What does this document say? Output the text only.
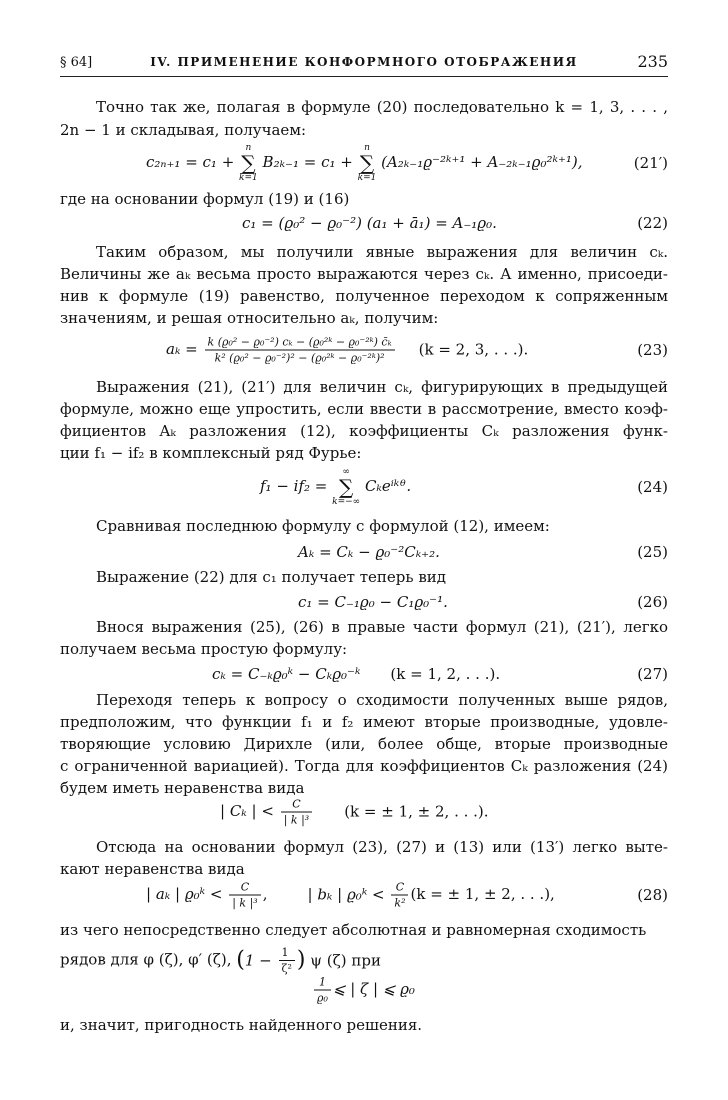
§ 64]	IV. ПРИМЕНЕНИЕ КОНФОРМНОГО ОТОБРАЖЕНИЯ	235
Точно так же, полагая в формуле (20) последовательно k = 1, 3, . . . ,
2n − 1 и складывая, получаем:
c₂ₙ₊₁ = c₁ +
n
∑
k=1
B₂ₖ₋₁ = c₁ +
n
∑
k=1
(A₂ₖ₋₁ϱ⁻²ᵏ⁺¹ + A₋₂ₖ₋₁ϱ₀²ᵏ⁺¹),	(21′)
где на основании формул (19) и (16)
c₁ = (ϱ₀² − ϱ₀⁻²) (a₁ + ā₁) = A₋₁ϱ₀.	(22)
Таким образом, мы получили явные выражения для величин cₖ.
Величины же aₖ весьма просто выражаются через cₖ. А именно, присоеди-
нив к формуле (19) равенство, полученное переходом к сопряженным
значениям, и решая относительно aₖ, получим:
$a_k = \frac{\text{k (ϱ₀² − ϱ₀⁻²) cₖ − (ϱ₀²ᵏ − ϱ₀⁻²ᵏ) c̄ₖ}}{\text{k² (ϱ₀² − ϱ₀⁻²)² − (ϱ₀²ᵏ − ϱ₀⁻²ᵏ)²}} (k = 2$, 3, . . .).	(23)
Выражения (21), (21′) для величин cₖ, фигурирующих в предыдущей
формуле, можно еще упростить, если ввести в рассмотрение, вместо коэф-
фициентов Aₖ разложения (12), коэффициенты Cₖ разложения функ-
ции f₁ − if₂ в комплексный ряд Фурье:
f₁ − if₂ =
∞
∑
k=−∞
Cₖeⁱᵏᶿ.	(24)
Сравнивая последнюю формулу с формулой (12), имеем:
Aₖ = Cₖ − ϱ₀⁻²Cₖ₊₂.	(25)
Выражение (22) для c₁ получает теперь вид
c₁ = C₋₁ϱ₀ − C₁ϱ₀⁻¹.	(26)
Внося выражения (25), (26) в правые части формул (21), (21′), легко
получаем весьма простую формулу:
cₖ = C₋ₖϱ₀ᵏ − Cₖϱ₀⁻ᵏ (k = 1, 2, . . .).	(27)
Переходя теперь к вопросу о сходимости полученных выше рядов,
предположим, что функции f₁ и f₂ имеют вторые производные, удовле-
творяющие условию Дирихле (или, более обще, вторые производные
с ограниченной вариацией). Тогда для коэффициентов Cₖ разложения (24)
будем иметь неравенства вида
| Cₖ | < $\frac{C}{\text{| k |³}} (k$ = ± 1, ± 2, . . .).
Отсюда на основании формул (23), (27) и (13) или (13′) легко выте-
кают неравенства вида
| aₖ | ϱ₀ᵏ < $\frac{C}{\text{| k |³}}$ ,	| bₖ | ϱ₀ᵏ < $\frac{C}{\text{k²}} (k$ = ± 1, ± 2, . . .),	(28)
из чего непосредственно следует абсолютная и равномерная сходимость
рядов для φ (ζ), φ′ (ζ), ($1 - \frac{1}{\text{ζ²}}$ ) ψ (ζ) при
$\frac{1}{\text{ϱ₀}}$ ⩽ | ζ | ⩽ ϱ₀
и, значит, пригодность найденного решения.
